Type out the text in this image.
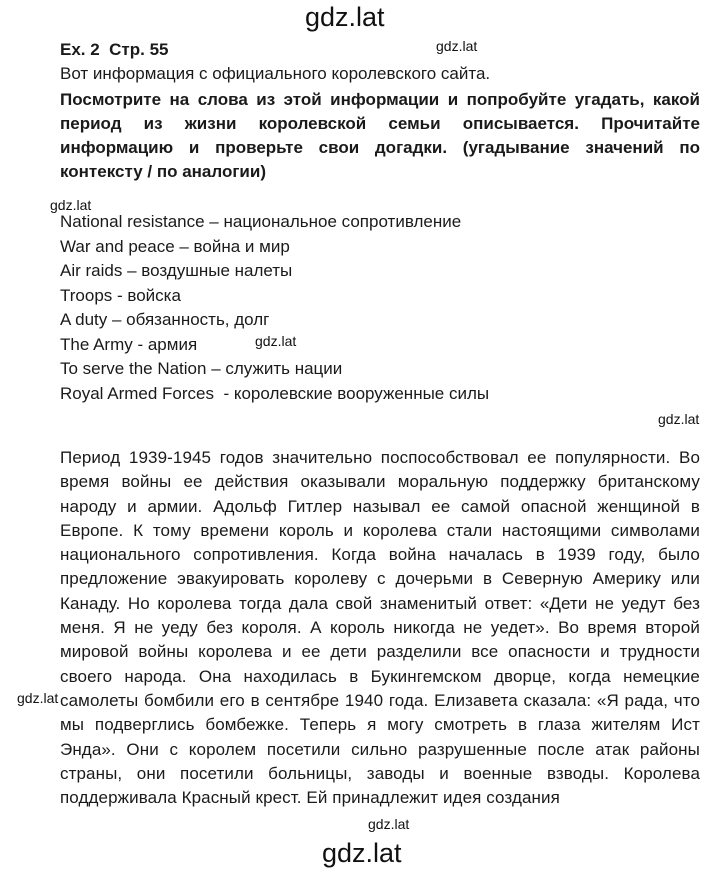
gdz.lat
gdz.lat
gdz.lat
gdz.lat
gdz.lat
gdz.lat
gdz.lat
gdz.lat
Ex. 2 Стр. 55
Вот информация с официального королевского сайта.
Посмотрите на слова из этой информации и попробуйте угадать, какой период из жизни королевской семьи описывается. Прочитайте информацию и проверьте свои догадки. (угадывание значений по контексту / по аналогии)
National resistance – национальное сопротивление
War and peace – война и мир
Air raids – воздушные налеты
Troops - войска
A duty – обязанность, долг
The Army - армия
To serve the Nation – служить нации
Royal Armed Forces  - королевские вооруженные силы
Период 1939-1945 годов значительно поспособствовал ее популярности. Во время войны ее действия оказывали моральную поддержку британскому народу и армии. Адольф Гитлер называл ее самой опасной женщиной в Европе. К тому времени король и королева стали настоящими символами национального сопротивления. Когда война началась в 1939 году, было предложение эвакуировать королеву с дочерьми в Северную Америку или Канаду. Но королева тогда дала свой знаменитый ответ: «Дети не уедут без меня. Я не уеду без короля. А король никогда не уедет». Во время второй мировой войны королева и ее дети разделили все опасности и трудности своего народа. Она находилась в Букингемском дворце, когда немецкие самолеты бомбили его в сентябре 1940 года. Елизавета сказала: «Я рада, что мы подверглись бомбежке. Теперь я могу смотреть в глаза жителям Ист Энда». Они с королем посетили сильно разрушенные после атак районы страны, они посетили больницы, заводы и военные взводы. Королева поддерживала Красный крест. Ей принадлежит идея создания
